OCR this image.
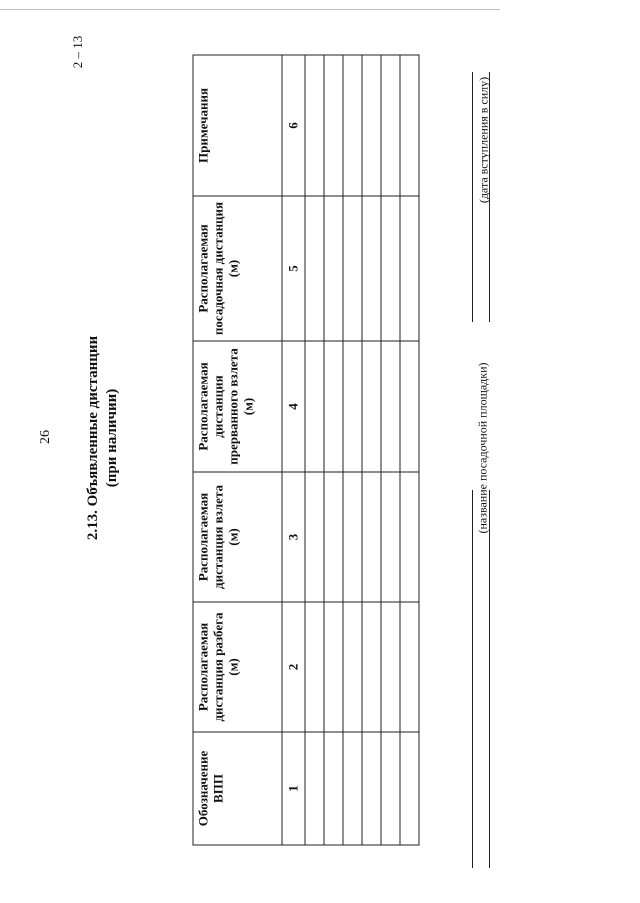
26
2 – 13
2.13. Объявленные дистанции (при наличии)
Обозначение ВПП	Располагаемая дистанция разбега (м)	Располагаемая дистанция взлета (м)	Располагаемая дистанция прерванного взлета (м)	Располагаемая посадочная дистанция (м)	Примечания
1	2	3	4	5	6

(название посадочной площадки)
(дата вступления в силу)
